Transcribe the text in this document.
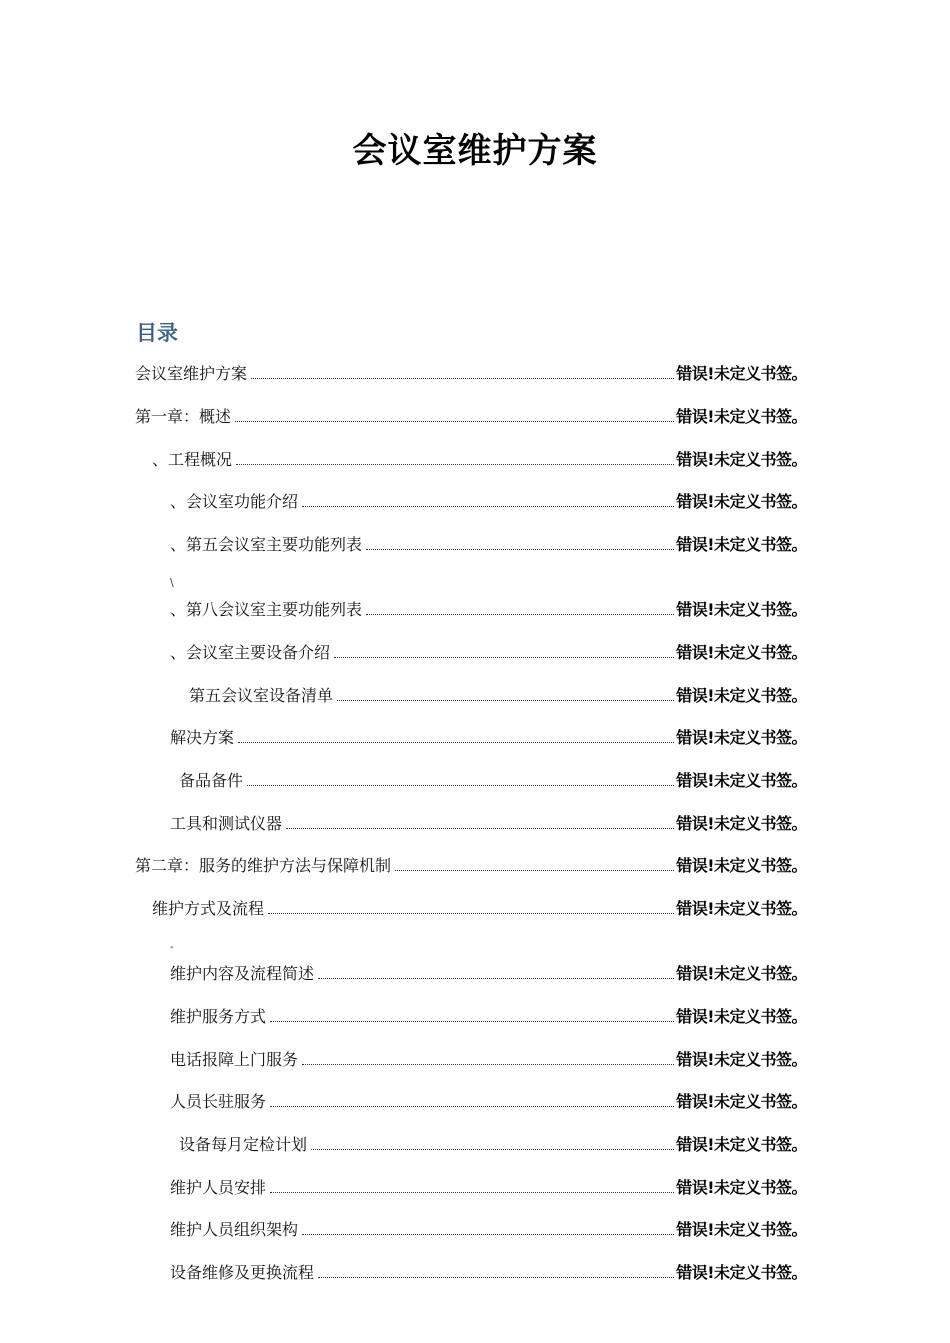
会议室维护方案
目录
会议室维护方案	错误!未定义书签。
第一章：概述	错误!未定义书签。
、工程概况	错误!未定义书签。
、会议室功能介绍	错误!未定义书签。
、第五会议室主要功能列表	错误!未定义书签。
\
、第八会议室主要功能列表	错误!未定义书签。
、会议室主要设备介绍	错误!未定义书签。
第五会议室设备清单	错误!未定义书签。
解决方案	错误!未定义书签。
备品备件	错误!未定义书签。
工具和测试仪器	错误!未定义书签。
第二章：服务的维护方法与保障机制	错误!未定义书签。
维护方式及流程	错误!未定义书签。
-
维护内容及流程简述	错误!未定义书签。
维护服务方式	错误!未定义书签。
电话报障上门服务	错误!未定义书签。
人员长驻服务	错误!未定义书签。
设备每月定检计划	错误!未定义书签。
维护人员安排	错误!未定义书签。
维护人员组织架构	错误!未定义书签。
设备维修及更换流程	错误!未定义书签。
